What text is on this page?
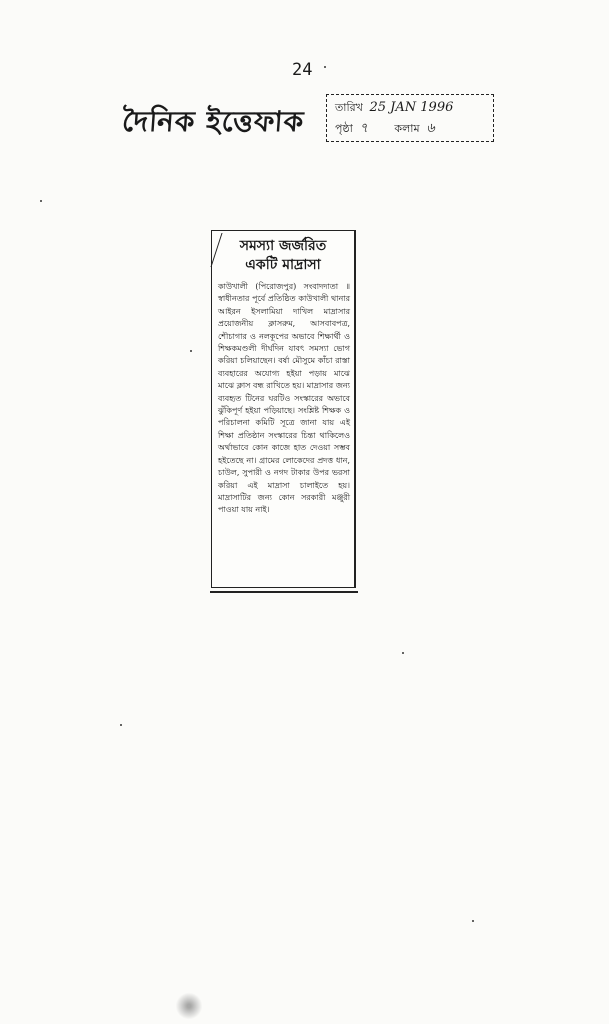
24
দৈনিক ইত্তেফাক	তারিখ 25 JAN 1996
পৃষ্ঠা ৭ কলাম ৬
সমস্যা জর্জরিত
একটি মাদ্রাসা
কাউখালী (পিরোজপুর) সংবাদদাতা ॥ স্বাধীনতার পূর্বে প্রতিষ্ঠিত কাউখালী থানার আইরন ইসলামিয়া দাখিল মাদ্রাসার প্রয়োজনীয় ক্লাসরুম, আসবাবপত্র, শৌচাগার ও নলকূপের অভাবে শিক্ষার্থী ও শিক্ষকমণ্ডলী দীর্ঘদিন যাবৎ সমস্যা ভোগ করিয়া চলিয়াছেন। বর্ষা মৌসুমে কাঁচা রাস্তা ব্যবহারের অযোগ্য হইয়া পড়ায় মাঝে মাঝে ক্লাস বন্ধ রাখিতে হয়। মাদ্রাসার জন্য ব্যবহৃত টিনের ঘরটিও সংস্কারের অভাবে ঝুঁকিপূর্ণ হইয়া পড়িয়াছে। সংশ্লিষ্ট শিক্ষক ও পরিচালনা কমিটি সূত্রে জানা যায় এই শিক্ষা প্রতিষ্ঠান সংস্কারের চিন্তা থাকিলেও অর্থাভাবে কোন কাজে হাত দেওয়া সম্ভব হইতেছে না। গ্রামের লোকেদের প্রদত্ত ধান, চাউল, সুপারী ও নগদ টাকার উপর ভরসা করিয়া এই মাদ্রাসা চালাইতে হয়। মাদ্রাসাটির জন্য কোন সরকারী মঞ্জুরী পাওয়া যায় নাই।
